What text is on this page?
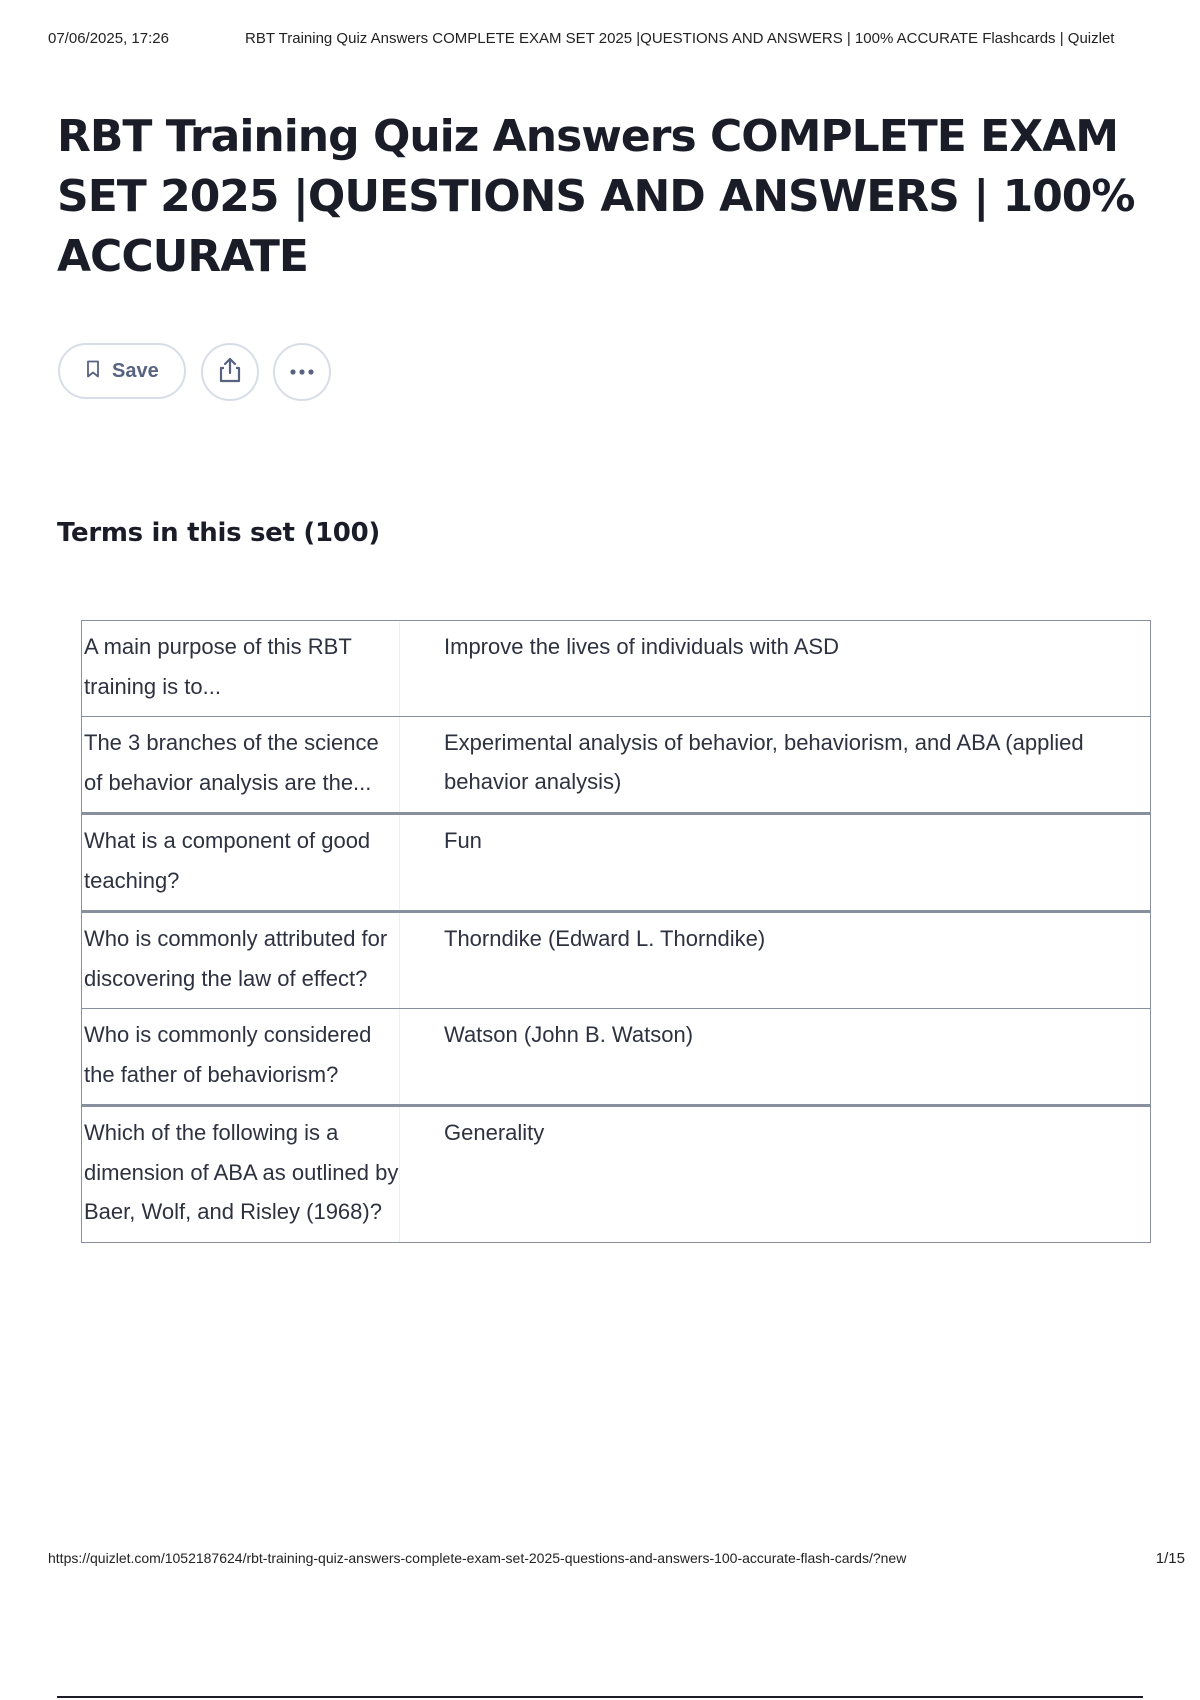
07/06/2025, 17:26	RBT Training Quiz Answers COMPLETE EXAM SET 2025 |QUESTIONS AND ANSWERS | 100% ACCURATE Flashcards | Quizlet
RBT Training Quiz Answers COMPLETE EXAM SET 2025 |QUESTIONS AND ANSWERS | 100% ACCURATE
Save
Terms in this set (100)
A main purpose of this RBT training is to...
Improve the lives of individuals with ASD
The 3 branches of the science of behavior analysis are the...
Experimental analysis of behavior, behaviorism, and ABA (applied behavior analysis)
What is a component of good teaching?
Fun
Who is commonly attributed for discovering the law of effect?
Thorndike (Edward L. Thorndike)
Who is commonly considered the father of behaviorism?
Watson (John B. Watson)
Which of the following is a dimension of ABA as outlined by Baer, Wolf, and Risley (1968)?
Generality
https://quizlet.com/1052187624/rbt-training-quiz-answers-complete-exam-set-2025-questions-and-answers-100-accurate-flash-cards/?new	1/15
